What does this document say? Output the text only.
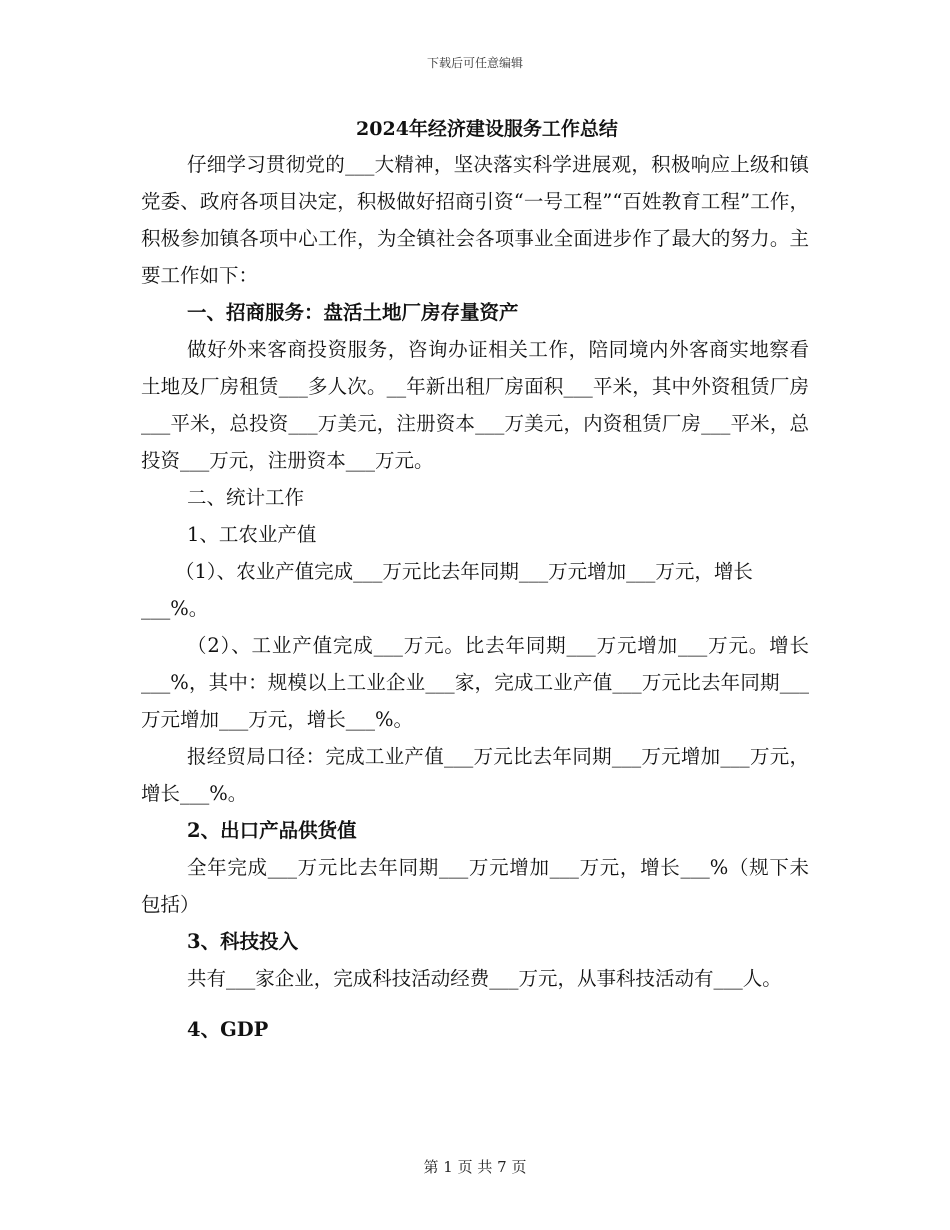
下载后可任意编辑
2024年经济建设服务工作总结

仔细学习贯彻党的___大精神，坚决落实科学进展观，积极响应上级和镇党委、政府各项目决定，积极做好招商引资“一号工程”“百姓教育工程”工作，积极参加镇各项中心工作，为全镇社会各项事业全面进步作了最大的努力。主要工作如下：

一、招商服务：盘活土地厂房存量资产

做好外来客商投资服务，咨询办证相关工作，陪同境内外客商实地察看土地及厂房租赁___多人次。__年新出租厂房面积___平米，其中外资租赁厂房___平米，总投资___万美元，注册资本___万美元，内资租赁厂房___平米，总投资___万元，注册资本___万元。

二、统计工作

1、工农业产值

（1）、农业产值完成___万元比去年同期___万元增加___万元，增长___%。

（2）、工业产值完成___万元。比去年同期___万元增加___万元。增长___%，其中：规模以上工业企业___家，完成工业产值___万元比去年同期___万元增加___万元，增长___%。

报经贸局口径：完成工业产值___万元比去年同期___万元增加___万元，增长___%。

2、出口产品供货值

全年完成___万元比去年同期___万元增加___万元，增长___%（规下未包括）

3、科技投入

共有___家企业，完成科技活动经费___万元，从事科技活动有___人。

4、GDP

第 1 页 共 7 页
